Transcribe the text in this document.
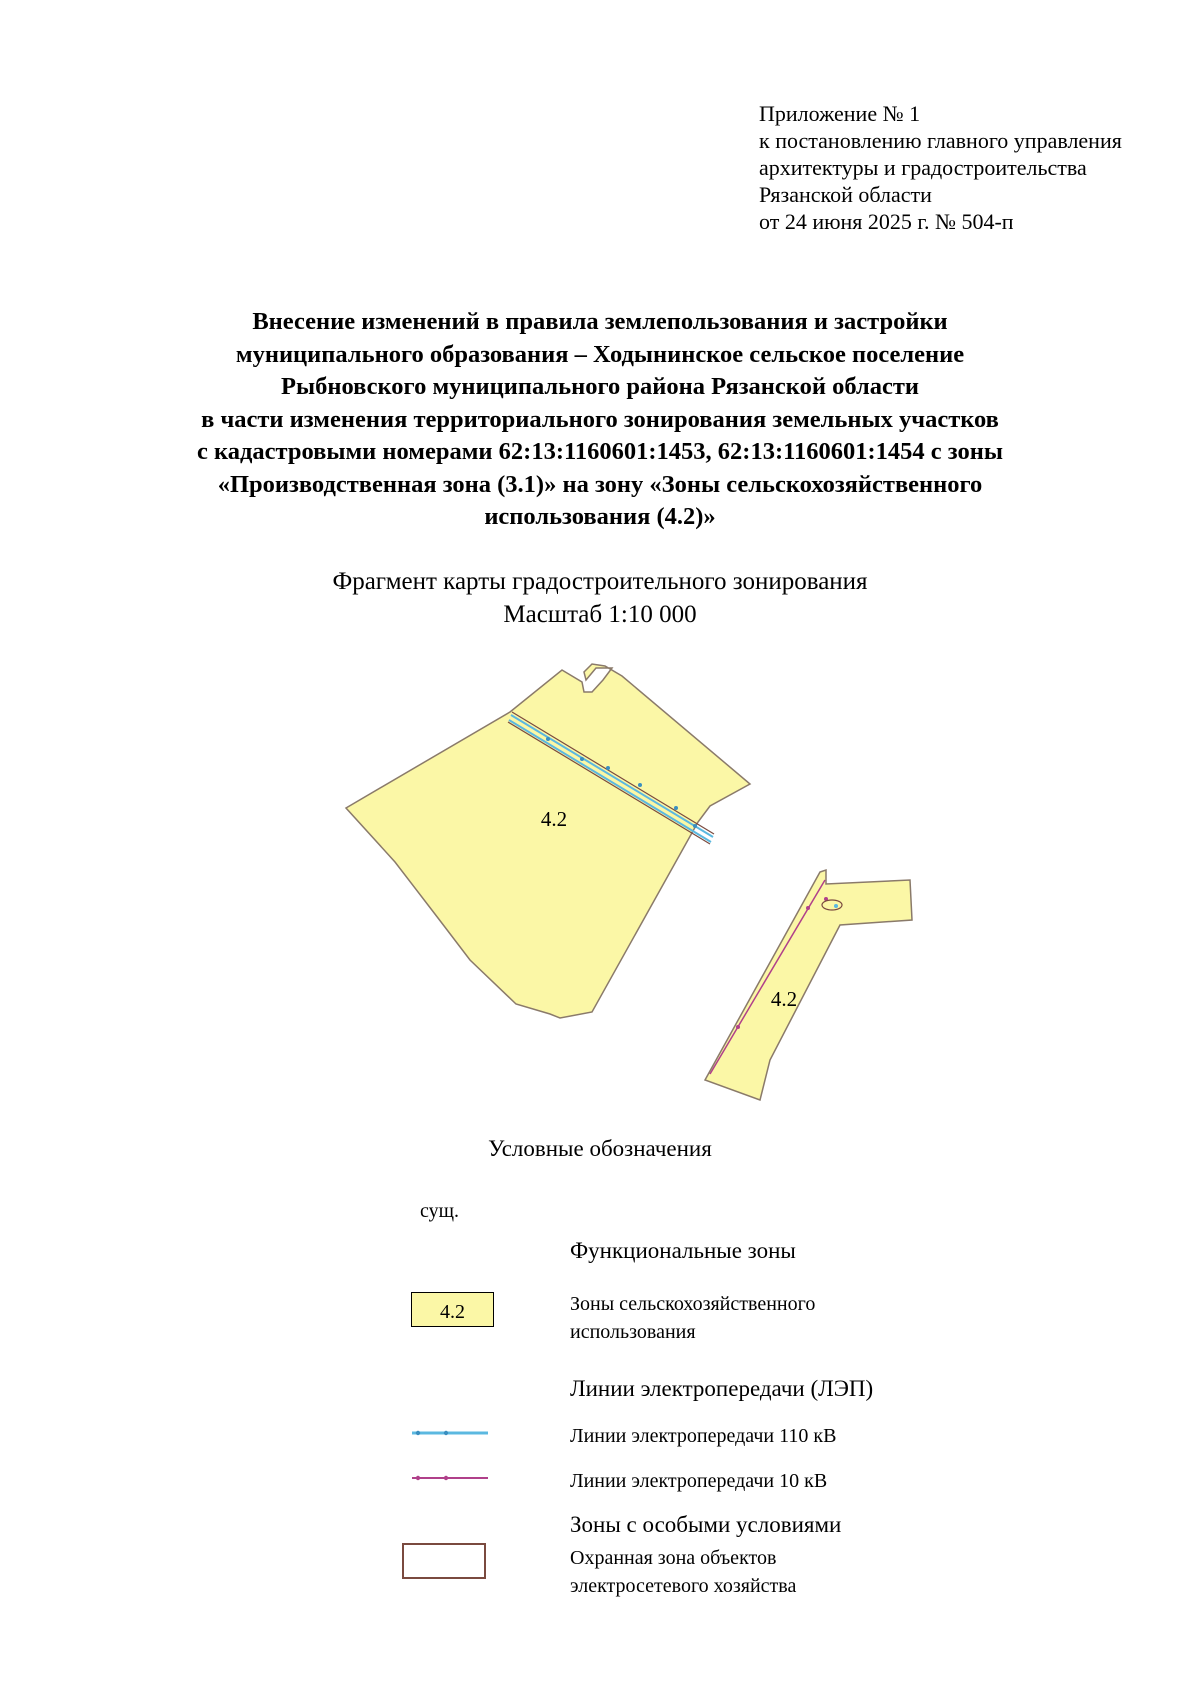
Приложение № 1
к постановлению главного управления
архитектуры и градостроительства
Рязанской области
от 24 июня 2025 г. № 504-п
Внесение изменений в правила землепользования и застройки
муниципального образования – Ходынинское сельское поселение
Рыбновского муниципального района Рязанской области
в части изменения территориального зонирования земельных участков
с кадастровыми номерами 62:13:1160601:1453, 62:13:1160601:1454 с зоны
«Производственная зона (3.1)» на зону «Зоны сельскохозяйственного
использования (4.2)»
Фрагмент карты градостроительного зонирования
Масштаб 1:10 000
4.2
4.2
Условные обозначения
сущ.
Функциональные зоны
4.2	Зоны сельскохозяйственного
использования
Линии электропередачи (ЛЭП)
Линии электропередачи 110 кВ
Линии электропередачи 10 кВ
Зоны с особыми условиями
Охранная зона объектов
электросетевого хозяйства
